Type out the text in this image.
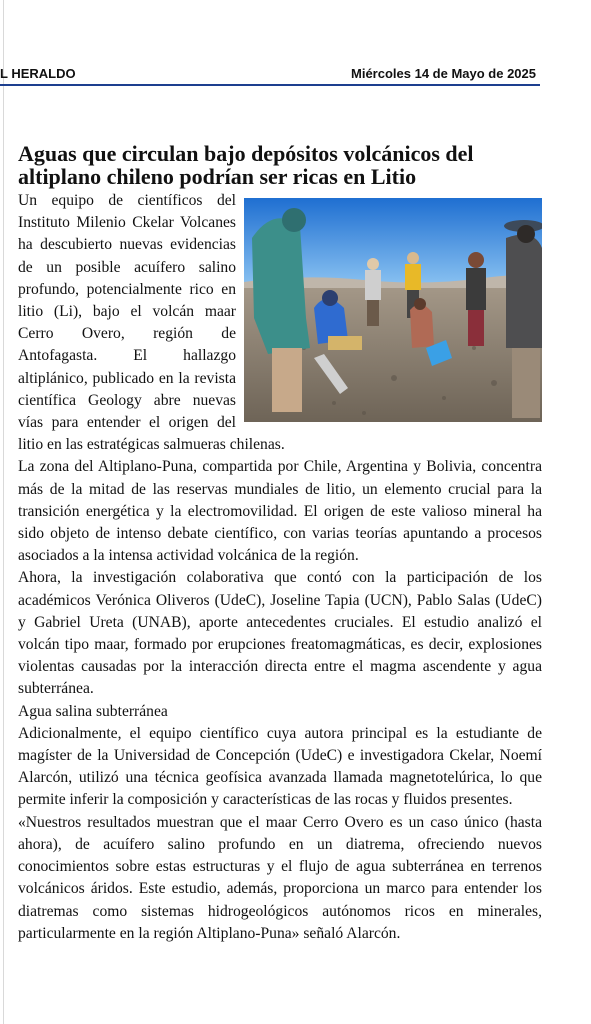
L HERALDO	Miércoles 14 de Mayo de 2025
Aguas que circulan bajo depósitos volcánicos del altiplano chileno podrían ser ricas en Litio

Un equipo de científicos del Instituto Milenio Ckelar Volcanes ha descubierto nuevas evidencias de un posible acuífero salino profundo, potencialmente rico en litio (Li), bajo el volcán maar Cerro Overo, región de Antofagasta. El hallazgo altiplánico, publicado en la revista científica Geology abre nuevas vías para entender el origen del litio en las estratégicas salmueras chilenas.

La zona del Altiplano-Puna, compartida por Chile, Argentina y Bolivia, concentra más de la mitad de las reservas mundiales de litio, un elemento crucial para la transición energética y la electromovilidad. El origen de este valioso mineral ha sido objeto de intenso debate científico, con varias teorías apuntando a procesos asociados a la intensa actividad volcánica de la región.

Ahora, la investigación colaborativa que contó con la participación de los académicos Verónica Oliveros (UdeC), Joseline Tapia (UCN), Pablo Salas (UdeC) y Gabriel Ureta (UNAB), aporte antecedentes cruciales. El estudio analizó el volcán tipo maar, formado por erupciones freatomagmáticas, es decir, explosiones violentas causadas por la interacción directa entre el magma ascendente y agua subterránea.

Agua salina subterránea

Adicionalmente, el equipo científico cuya autora principal es la estudiante de magíster de la Universidad de Concepción (UdeC) e investigadora Ckelar, Noemí Alarcón, utilizó una técnica geofísica avanzada llamada magnetotelúrica, lo que permite inferir la composición y características de las rocas y fluidos presentes.

«Nuestros resultados muestran que el maar Cerro Overo es un caso único (hasta ahora), de acuífero salino profundo en un diatrema, ofreciendo nuevos conocimientos sobre estas estructuras y el flujo de agua subterránea en terrenos volcánicos áridos. Este estudio, además, proporciona un marco para entender los diatremas como sistemas hidrogeológicos autónomos ricos en minerales, particularmente en la región Altiplano-Puna» señaló Alarcón.
